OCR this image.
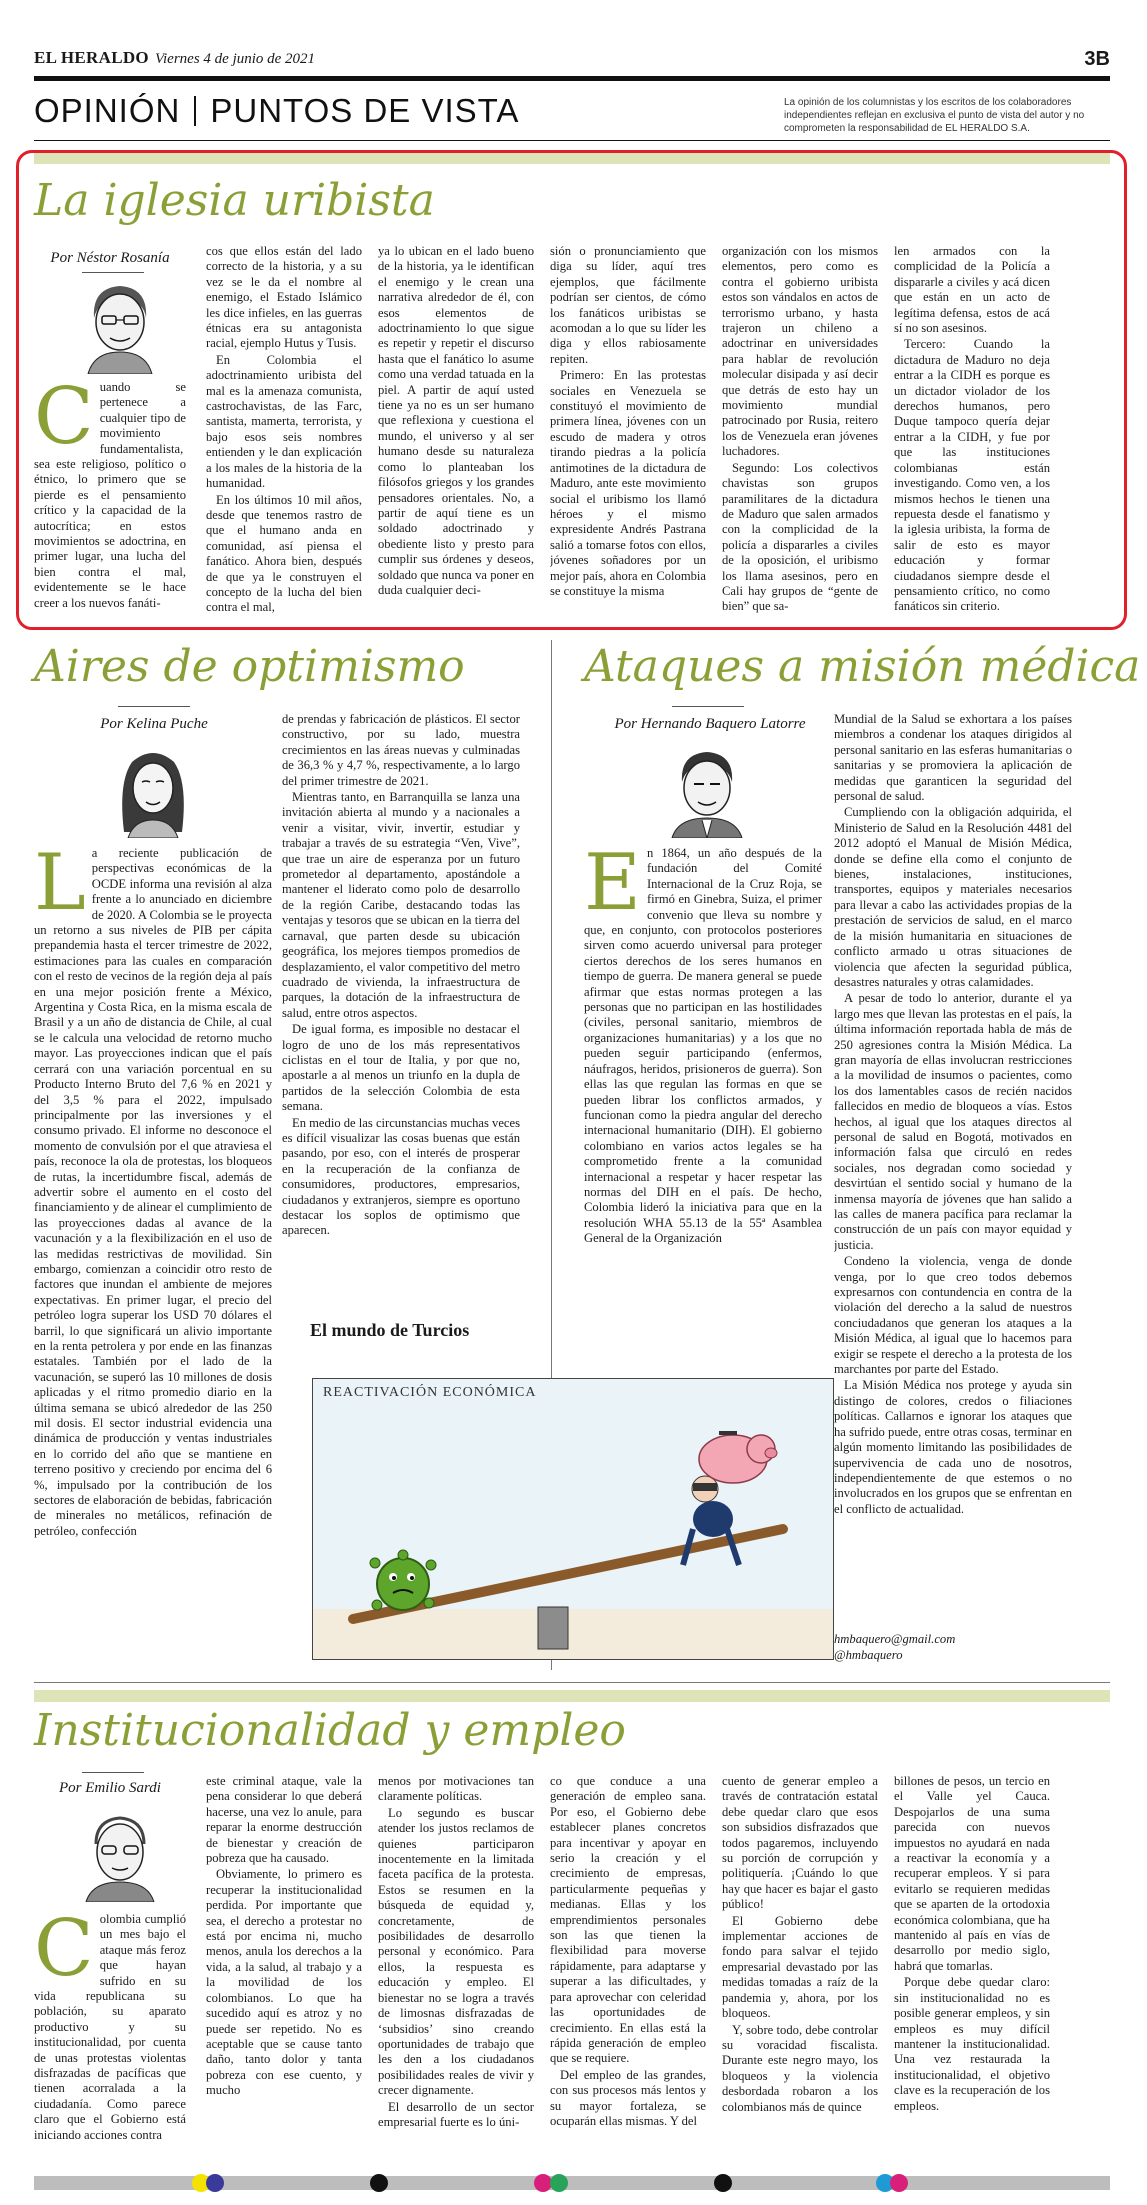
EL HERALDO Viernes 4 de junio de 2021	3B
OPINIÓN PUNTOS DE VISTA	La opinión de los columnistas y los escritos de los colaboradores independientes reflejan en exclusiva el punto de vista del autor y no comprometen la responsabilidad de EL HERALDO S.A.
La iglesia uribista
Por Néstor Rosanía
Cuando se pertenece a cualquier tipo de movimiento fundamentalista, sea este religioso, político o étnico, lo primero que se pierde es el pensamiento crítico y la capacidad de la autocrítica; en estos movimientos se adoctrina, en primer lugar, una lucha del bien contra el mal, evidentemente se le hace creer a los nuevos fanáti-

cos que ellos están del lado correcto de la historia, y a su vez se le da el nombre al enemigo, el Estado Islámico les dice infieles, en las guerras étnicas era su antagonista racial, ejemplo Hutus y Tusis.

En Colombia el adoctrinamiento uribista del mal es la amenaza comunista, castrochavistas, de las Farc, santista, mamerta, terrorista, y bajo esos seis nombres entienden y le dan explicación a los males de la historia de la humanidad.

En los últimos 10 mil años, desde que tenemos rastro de que el humano anda en comunidad, así piensa el fanático. Ahora bien, después de que ya le construyen el concepto de la lucha del bien contra el mal,

ya lo ubican en el lado bueno de la historia, ya le identifican el enemigo y le crean una narrativa alrededor de él, con esos elementos de adoctrinamiento lo que sigue es repetir y repetir el discurso hasta que el fanático lo asume como una verdad tatuada en la piel. A partir de aquí usted tiene ya no es un ser humano que reflexiona y cuestiona el mundo, el universo y al ser humano desde su naturaleza como lo planteaban los filósofos griegos y los grandes pensadores orientales. No, a partir de aquí tiene es un soldado adoctrinado y obediente listo y presto para cumplir sus órdenes y deseos, soldado que nunca va poner en duda cualquier deci-

sión o pronunciamiento que diga su líder, aquí tres ejemplos, que fácilmente podrían ser cientos, de cómo los fanáticos uribistas se acomodan a lo que su líder les diga y ellos rabiosamente repiten.

Primero: En las protestas sociales en Venezuela se constituyó el movimiento de primera línea, jóvenes con un escudo de madera y otros tirando piedras a la policía antimotines de la dictadura de Maduro, ante este movimiento social el uribismo los llamó héroes y el mismo expresidente Andrés Pastrana salió a tomarse fotos con ellos, jóvenes soñadores por un mejor país, ahora en Colombia se constituye la misma

organización con los mismos elementos, pero como es contra el gobierno uribista estos son vándalos en actos de terrorismo urbano, y hasta trajeron un chileno a adoctrinar en universidades para hablar de revolución molecular disipada y así decir que detrás de esto hay un movimiento mundial patrocinado por Rusia, reitero los de Venezuela eran jóvenes luchadores.

Segundo: Los colectivos chavistas son grupos paramilitares de la dictadura de Maduro que salen armados con la complicidad de la policía a dispararles a civiles de la oposición, el uribismo los llama asesinos, pero en Cali hay grupos de “gente de bien” que sa-

len armados con la complicidad de la Policía a dispararle a civiles y acá dicen que están en un acto de legítima defensa, estos de acá sí no son asesinos.

Tercero: Cuando la dictadura de Maduro no deja entrar a la CIDH es porque es un dictador violador de los derechos humanos, pero Duque tampoco quería dejar entrar a la CIDH, y fue por que las instituciones colombianas están investigando. Como ven, a los mismos hechos le tienen una repuesta desde el fanatismo y la iglesia uribista, la forma de salir de esto es mayor educación y formar ciudadanos siempre desde el pensamiento crítico, no como fanáticos sin criterio.

Aires de optimismo
Por Kelina Puche
La reciente publicación de perspectivas económicas de la OCDE informa una revisión al alza frente a lo anunciado en diciembre de 2020. A Colombia se le proyecta un retorno a sus niveles de PIB per cápita prepandemia hasta el tercer trimestre de 2022, estimaciones para las cuales en comparación con el resto de vecinos de la región deja al país en una mejor posición frente a México, Argentina y Costa Rica, en la misma escala de Brasil y a un año de distancia de Chile, al cual se le calcula una velocidad de retorno mucho mayor. Las proyecciones indican que el país cerrará con una variación porcentual en su Producto Interno Bruto del 7,6 % en 2021 y del 3,5 % para el 2022, impulsado principalmente por las inversiones y el consumo privado. El informe no desconoce el momento de convulsión por el que atraviesa el país, reconoce la ola de protestas, los bloqueos de rutas, la incertidumbre fiscal, además de advertir sobre el aumento en el costo del financiamiento y de alinear el cumplimiento de las proyecciones dadas al avance de la vacunación y a la flexibilización en el uso de las medidas restrictivas de movilidad. Sin embargo, comienzan a coincidir otro resto de factores que inundan el ambiente de mejores expectativas. En primer lugar, el precio del petróleo logra superar los USD 70 dólares el barril, lo que significará un alivio importante en la renta petrolera y por ende en las finanzas estatales. También por el lado de la vacunación, se superó las 10 millones de dosis aplicadas y el ritmo promedio diario en la última semana se ubicó alrededor de las 250 mil dosis. El sector industrial evidencia una dinámica de producción y ventas industriales en lo corrido del año que se mantiene en terreno positivo y creciendo por encima del 6 %, impulsado por la contribución de los sectores de elaboración de bebidas, fabricación de minerales no metálicos, refinación de petróleo, confección

de prendas y fabricación de plásticos. El sector constructivo, por su lado, muestra crecimientos en las áreas nuevas y culminadas de 36,3 % y 4,7 %, respectivamente, a lo largo del primer trimestre de 2021.

Mientras tanto, en Barranquilla se lanza una invitación abierta al mundo y a nacionales a venir a visitar, vivir, invertir, estudiar y trabajar a través de su estrategia “Ven, Vive”, que trae un aire de esperanza por un futuro prometedor al departamento, apostándole a mantener el liderato como polo de desarrollo de la región Caribe, destacando todas las ventajas y tesoros que se ubican en la tierra del carnaval, que parten desde su ubicación geográfica, los mejores tiempos promedios de desplazamiento, el valor competitivo del metro cuadrado de vivienda, la infraestructura de parques, la dotación de la infraestructura de salud, entre otros aspectos.

De igual forma, es imposible no destacar el logro de uno de los más representativos ciclistas en el tour de Italia, y por que no, apostarle a al menos un triunfo en la dupla de partidos de la selección Colombia de esta semana.

En medio de las circunstancias muchas veces es difícil visualizar las cosas buenas que están pasando, por eso, con el interés de prosperar en la recuperación de la confianza de consumidores, productores, empresarios, ciudadanos y extranjeros, siempre es oportuno destacar los soplos de optimismo que aparecen.

El mundo de Turcios
REACTIVACIÓN ECONÓMICA
Ataques a misión médica
Por Hernando Baquero Latorre
En 1864, un año después de la fundación del Comité Internacional de la Cruz Roja, se firmó en Ginebra, Suiza, el primer convenio que lleva su nombre y que, en conjunto, con protocolos posteriores sirven como acuerdo universal para proteger ciertos derechos de los seres humanos en tiempo de guerra. De manera general se puede afirmar que estas normas protegen a las personas que no participan en las hostilidades (civiles, personal sanitario, miembros de organizaciones humanitarias) y a los que no pueden seguir participando (enfermos, náufragos, heridos, prisioneros de guerra). Son ellas las que regulan las formas en que se pueden librar los conflictos armados, y funcionan como la piedra angular del derecho internacional humanitario (DIH). El gobierno colombiano en varios actos legales se ha comprometido frente a la comunidad internacional a respetar y hacer respetar las normas del DIH en el país. De hecho, Colombia lideró la iniciativa para que en la resolución WHA 55.13 de la 55ª Asamblea General de la Organización

Mundial de la Salud se exhortara a los países miembros a condenar los ataques dirigidos al personal sanitario en las esferas humanitarias o sanitarias y se promoviera la aplicación de medidas que garanticen la seguridad del personal de salud.

Cumpliendo con la obligación adquirida, el Ministerio de Salud en la Resolución 4481 del 2012 adoptó el Manual de Misión Médica, donde se define ella como el conjunto de bienes, instalaciones, instituciones, transportes, equipos y materiales necesarios para llevar a cabo las actividades propias de la prestación de servicios de salud, en el marco de la misión humanitaria en situaciones de conflicto armado u otras situaciones de violencia que afecten la seguridad pública, desastres naturales y otras calamidades.

A pesar de todo lo anterior, durante el ya largo mes que llevan las protestas en el país, la última información reportada habla de más de 250 agresiones contra la Misión Médica. La gran mayoría de ellas involucran restricciones a la movilidad de insumos o pacientes, como los dos lamentables casos de recién nacidos fallecidos en medio de bloqueos a vías. Estos hechos, al igual que los ataques directos al personal de salud en Bogotá, motivados en información falsa que circuló en redes sociales, nos degradan como sociedad y desvirtúan el sentido social y humano de la inmensa mayoría de jóvenes que han salido a las calles de manera pacífica para reclamar la construcción de un país con mayor equidad y justicia.

Condeno la violencia, venga de donde venga, por lo que creo todos debemos expresarnos con contundencia en contra de la violación del derecho a la salud de nuestros conciudadanos que generan los ataques a la Misión Médica, al igual que lo hacemos para exigir se respete el derecho a la protesta de los marchantes por parte del Estado.

La Misión Médica nos protege y ayuda sin distingo de colores, credos o filiaciones políticas. Callarnos e ignorar los ataques que ha sufrido puede, entre otras cosas, terminar en algún momento limitando las posibilidades de supervivencia de cada uno de nosotros, independientemente de que estemos o no involucrados en los grupos que se enfrentan en el conflicto de actualidad.

hmbaquero@gmail.com
@hmbaquero
Institucionalidad y empleo
Por Emilio Sardi
Colombia cumplió un mes bajo el ataque más feroz que hayan sufrido en su vida republicana su población, su aparato productivo y su institucionalidad, por cuenta de unas protestas violentas disfrazadas de pacíficas que tienen acorralada a la ciudadanía. Como parece claro que el Gobierno está iniciando acciones contra

este criminal ataque, vale la pena considerar lo que deberá hacerse, una vez lo anule, para reparar la enorme destrucción de bienestar y creación de pobreza que ha causado.

Obviamente, lo primero es recuperar la institucionalidad perdida. Por importante que sea, el derecho a protestar no está por encima ni, mucho menos, anula los derechos a la vida, a la salud, al trabajo y a la movilidad de los colombianos. Lo que ha sucedido aquí es atroz y no puede ser repetido. No es aceptable que se cause tanto daño, tanto dolor y tanta pobreza con ese cuento, y mucho

menos por motivaciones tan claramente políticas.

Lo segundo es buscar atender los justos reclamos de quienes participaron inocentemente en la limitada faceta pacífica de la protesta. Estos se resumen en la búsqueda de equidad y, concretamente, de posibilidades de desarrollo personal y económico. Para ellos, la respuesta es educación y empleo. El bienestar no se logra a través de limosnas disfrazadas de ‘subsidios’ sino creando oportunidades de trabajo que les den a los ciudadanos posibilidades reales de vivir y crecer dignamente.

El desarrollo de un sector empresarial fuerte es lo úni-

co que conduce a una generación de empleo sana. Por eso, el Gobierno debe establecer planes concretos para incentivar y apoyar en serio la creación y el crecimiento de empresas, particularmente pequeñas y medianas. Ellas y los emprendimientos personales son las que tienen la flexibilidad para moverse rápidamente, para adaptarse y superar a las dificultades, y para aprovechar con celeridad las oportunidades de crecimiento. En ellas está la rápida generación de empleo que se requiere.

Del empleo de las grandes, con sus procesos más lentos y su mayor fortaleza, se ocuparán ellas mismas. Y del

cuento de generar empleo a través de contratación estatal debe quedar claro que esos son subsidios disfrazados que todos pagaremos, incluyendo su porción de corrupción y politiquería. ¡Cuándo lo que hay que hacer es bajar el gasto público!

El Gobierno debe implementar acciones de fondo para salvar el tejido empresarial devastado por las medidas tomadas a raíz de la pandemia y, ahora, por los bloqueos.

Y, sobre todo, debe controlar su voracidad fiscalista. Durante este negro mayo, los bloqueos y la violencia desbordada robaron a los colombianos más de quince

billones de pesos, un tercio en el Valle yel Cauca. Despojarlos de una suma parecida con nuevos impuestos no ayudará en nada a reactivar la economía y a recuperar empleos. Y si para evitarlo se requieren medidas que se aparten de la ortodoxia económica colombiana, que ha mantenido al país en vías de desarrollo por medio siglo, habrá que tomarlas.

Porque debe quedar claro: sin institucionalidad no es posible generar empleos, y sin empleos es muy difícil mantener la institucionalidad. Una vez restaurada la institucionalidad, el objetivo clave es la recuperación de los empleos.
